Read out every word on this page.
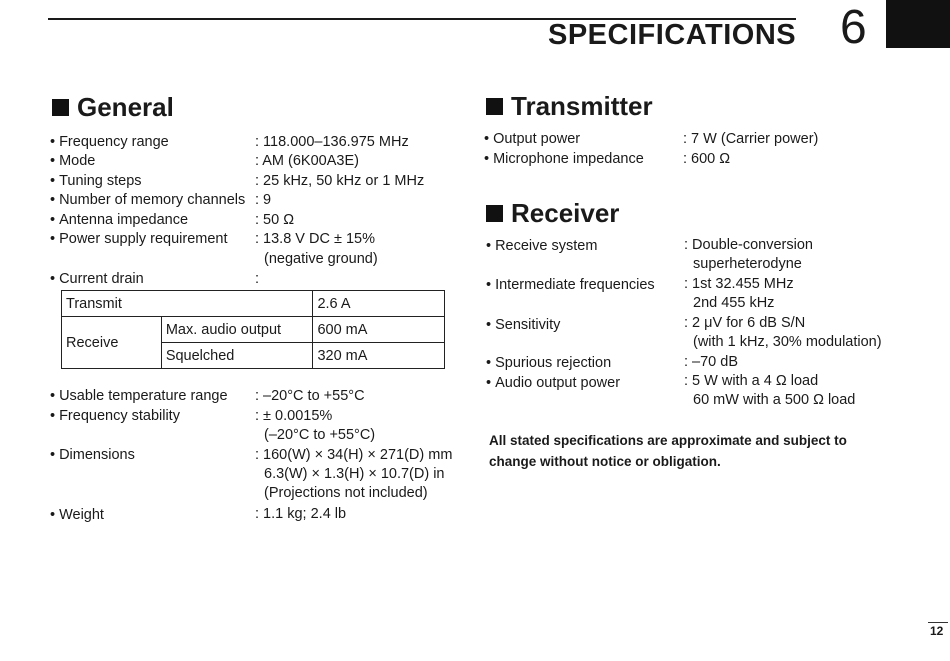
SPECIFICATIONS 6
General
• Frequency range	: 118.000–136.975 MHz
• Mode	: AM (6K00A3E)
• Tuning steps	: 25 kHz, 50 kHz or 1 MHz
• Number of memory channels : 9
• Antenna impedance	: 50 Ω
• Power supply requirement : 13.8 V DC ± 15%
(negative ground)
• Current drain	:
Transmit		2.6 A
Receive	Max. audio output	600 mA
	Squelched	320 mA
• Usable temperature range : –20°C to +55°C
• Frequency stability	: ± 0.0015%
(–20°C to +55°C)
• Dimensions	: 160(W) × 34(H) × 271(D) mm
6.3(W) × 1.3(H) × 10.7(D) in
(Projections not included)
• Weight	: 1.1 kg; 2.4 lb
Transmitter
• Output power	: 7 W (Carrier power)
• Microphone impedance	: 600 Ω
Receiver
• Receive system	: Double-conversion
superheterodyne
• Intermediate frequencies : 1st 32.455 MHz
2nd 455 kHz
• Sensitivity	: 2 μV for 6 dB S/N
(with 1 kHz, 30% modulation)
• Spurious rejection	: –70 dB
• Audio output power	: 5 W with a 4 Ω load
60 mW with a 500 Ω load
All stated specifications are approximate and subject to change without notice or obligation.
12
